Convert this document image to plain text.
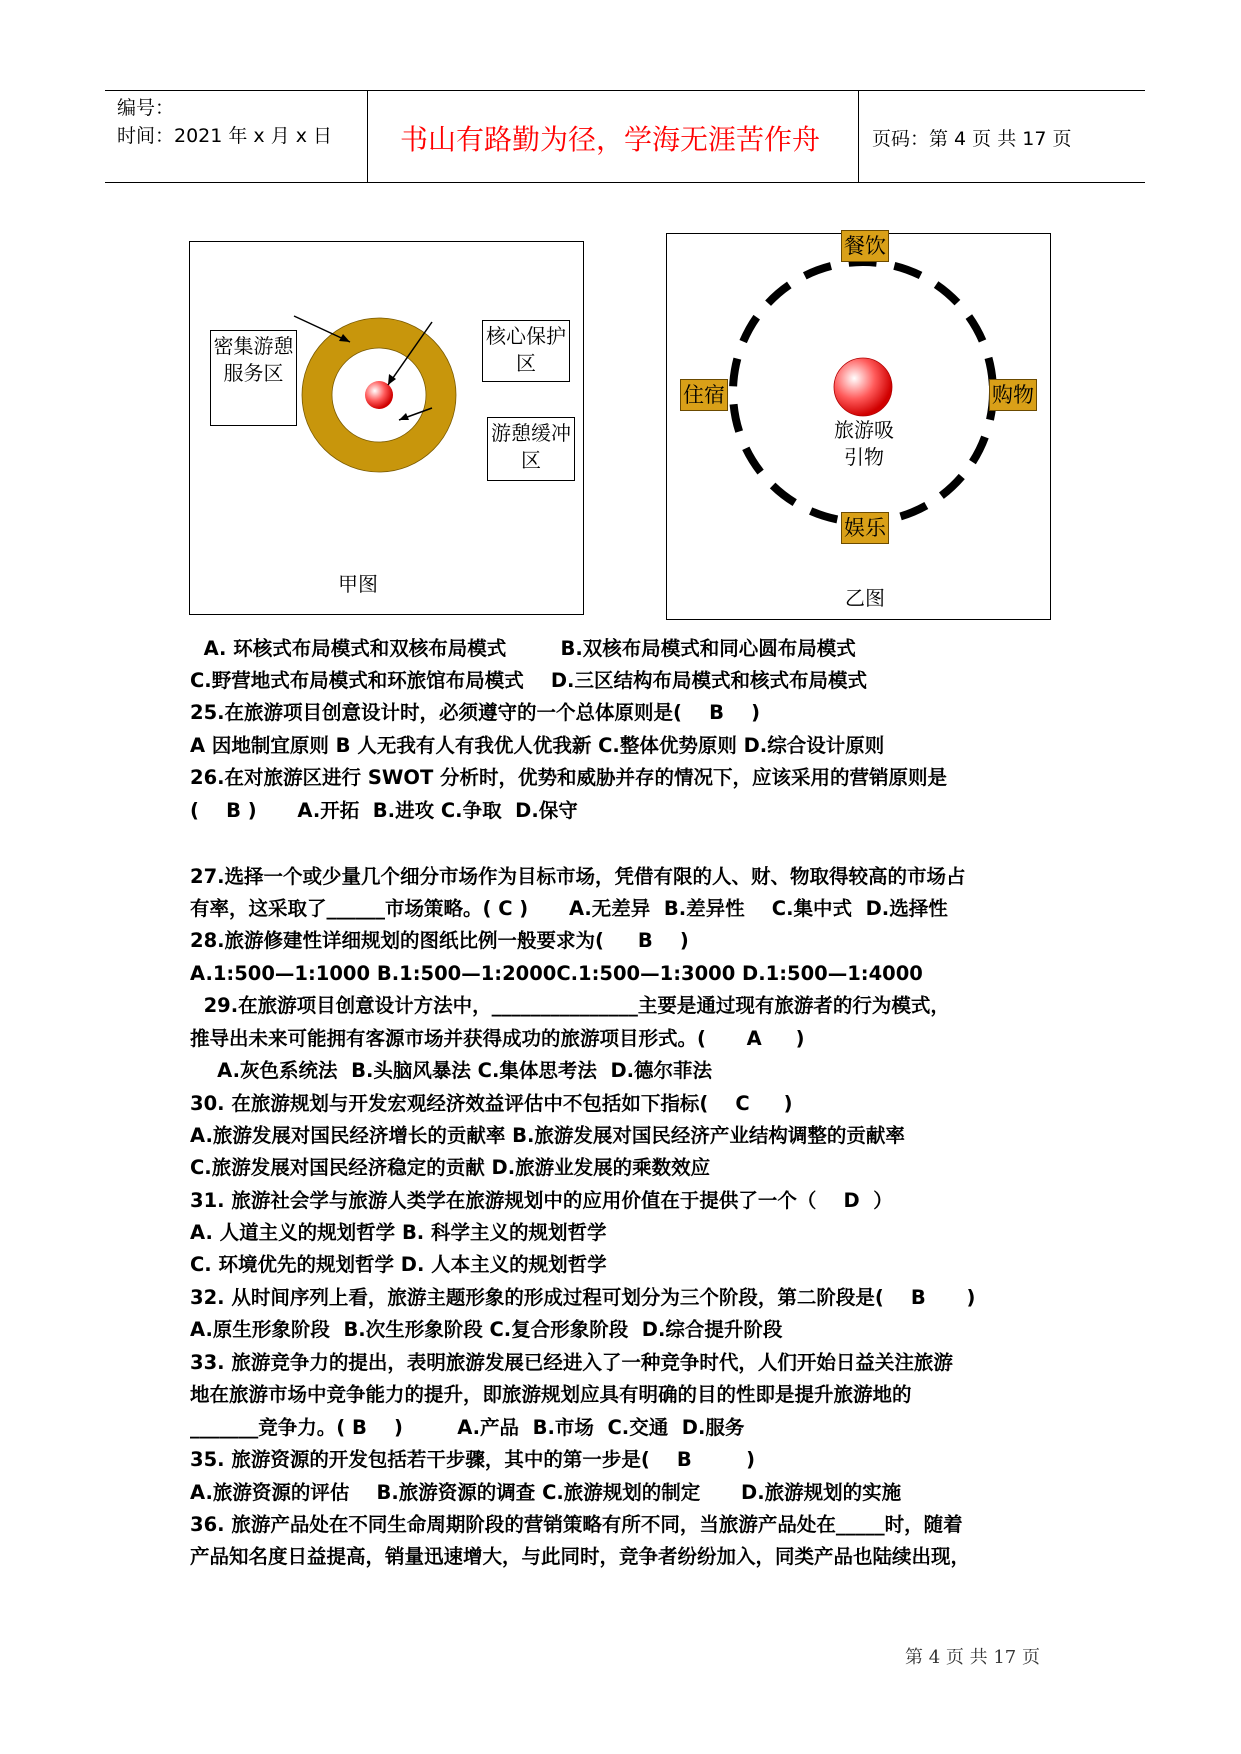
编号：
时间：2021 年 x 月 x 日	书山有路勤为径，学海无涯苦作舟	页码：第 4 页 共 17 页
密集游憩服务区
核心保护区
游憩缓冲区
甲图
餐饮
住宿	购物
娱乐
旅游吸引物
乙图
A. 环核式布局模式和双核布局模式        B.双核布局模式和同心圆布局模式
C.野营地式布局模式和环旅馆布局模式    D.三区结构布局模式和核式布局模式
25.在旅游项目创意设计时，必须遵守的一个总体原则是(    B    )
A 因地制宜原则 B 人无我有人有我优人优我新 C.整体优势原则 D.综合设计原则
26.在对旅游区进行 SWOT 分析时，优势和威胁并存的情况下，应该采用的营销原则是
(    B )      A.开拓  B.进攻 C.争取  D.保守
27.选择一个或少量几个细分市场作为目标市场，凭借有限的人、财、物取得较高的市场占
有率，这采取了______市场策略。( C )      A.无差异  B.差异性    C.集中式  D.选择性
28.旅游修建性详细规划的图纸比例一般要求为(     B    )
A.1:500—1:1000 B.1:500—1:2000C.1:500—1:3000 D.1:500—1:4000
29.在旅游项目创意设计方法中，_______________主要是通过现有旅游者的行为模式，
推导出未来可能拥有客源市场并获得成功的旅游项目形式。(      A     )
A.灰色系统法  B.头脑风暴法 C.集体思考法  D.德尔菲法
30. 在旅游规划与开发宏观经济效益评估中不包括如下指标(    C     )
A.旅游发展对国民经济增长的贡献率 B.旅游发展对国民经济产业结构调整的贡献率
C.旅游发展对国民经济稳定的贡献 D.旅游业发展的乘数效应
31. 旅游社会学与旅游人类学在旅游规划中的应用价值在于提供了一个（    D  ）
A. 人道主义的规划哲学 B. 科学主义的规划哲学
C. 环境优先的规划哲学 D. 人本主义的规划哲学
32. 从时间序列上看，旅游主题形象的形成过程可划分为三个阶段，第二阶段是(    B      )
A.原生形象阶段  B.次生形象阶段 C.复合形象阶段  D.综合提升阶段
33. 旅游竞争力的提出，表明旅游发展已经进入了一种竞争时代，人们开始日益关注旅游
地在旅游市场中竞争能力的提升，即旅游规划应具有明确的目的性即是提升旅游地的
_______竞争力。( B    )        A.产品  B.市场  C.交通  D.服务
35. 旅游资源的开发包括若干步骤，其中的第一步是(    B        )
A.旅游资源的评估    B.旅游资源的调查 C.旅游规划的制定      D.旅游规划的实施
36. 旅游产品处在不同生命周期阶段的营销策略有所不同，当旅游产品处在_____时，随着
产品知名度日益提高，销量迅速增大，与此同时，竞争者纷纷加入，同类产品也陆续出现，
第 4 页 共 17 页
